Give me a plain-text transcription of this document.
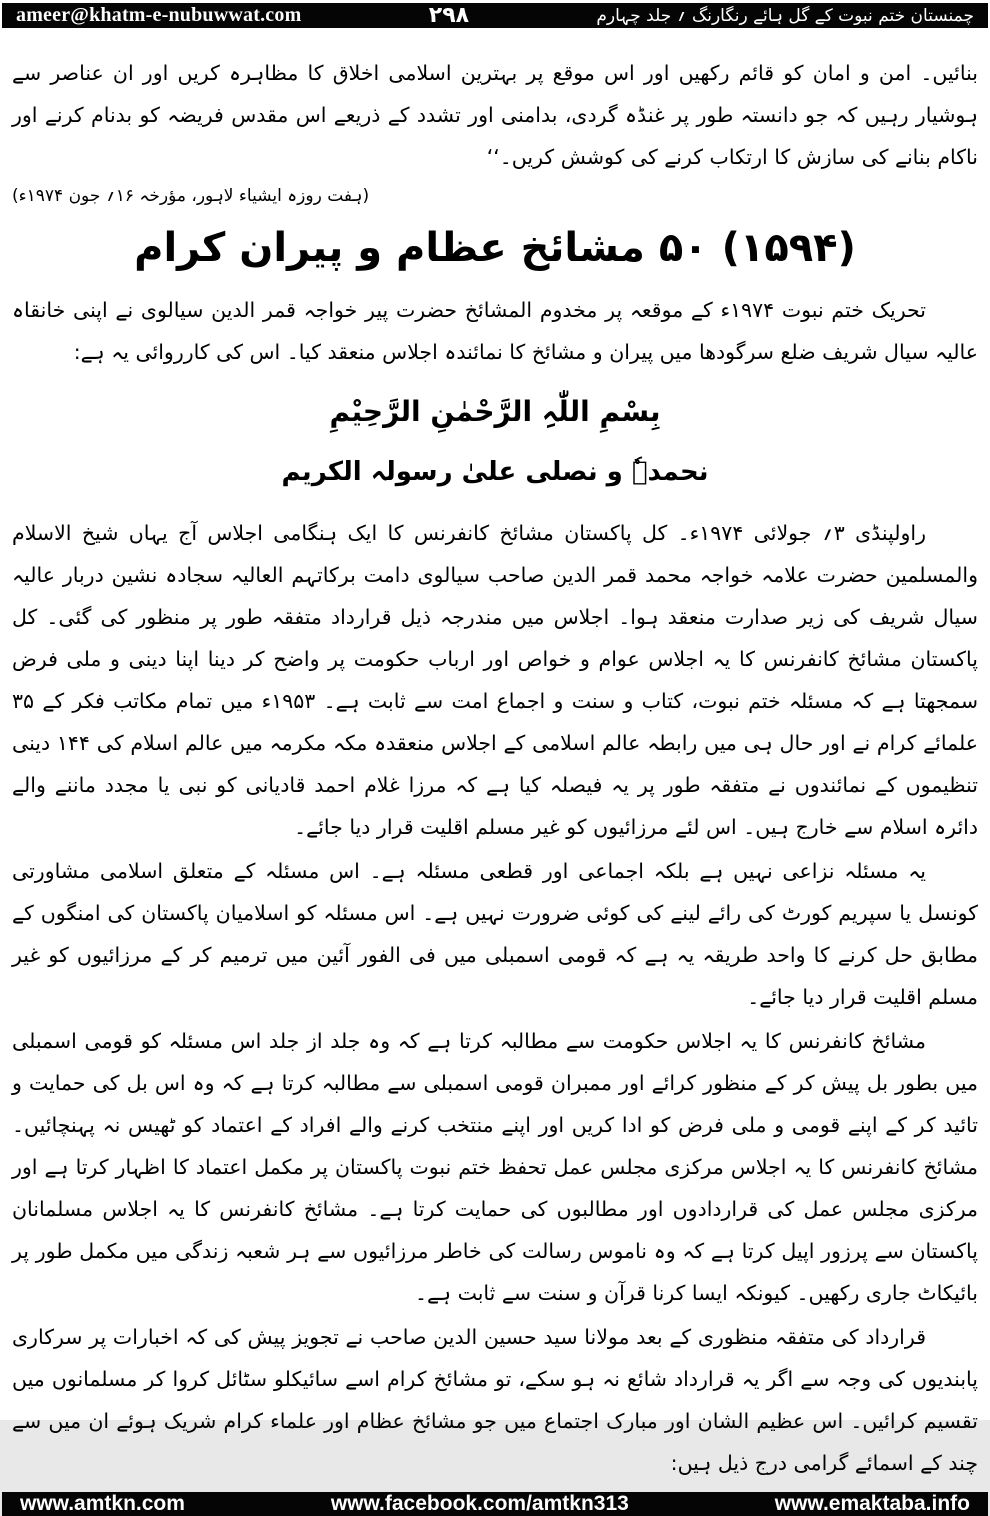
ameer@khatm-e-nubuwwat.com	۲۹۸	چمنستان ختم نبوت کے گل ہائے رنگارنگ ؍ جلد چہارم

بنائیں۔ امن و امان کو قائم رکھیں اور اس موقع پر بہترین اسلامی اخلاق کا مظاہرہ کریں اور ان عناصر سے ہوشیار رہیں کہ جو دانستہ طور پر غنڈہ گردی، بدامنی اور تشدد کے ذریعے اس مقدس فریضہ کو بدنام کرنے اور ناکام بنانے کی سازش کا ارتکاب کرنے کی کوشش کریں۔‘‘

(ہفت روزہ ایشیاء لاہور، مؤرخہ ۱۶؍ جون ۱۹۷۴ء)

(۱۵۹۴) ۵۰ مشائخ عظام و پیران کرام

تحریک ختم نبوت ۱۹۷۴ء کے موقعہ پر مخدوم المشائخ حضرت پیر خواجہ قمر الدین سیالوی نے اپنی خانقاہ عالیہ سیال شریف ضلع سرگودھا میں پیران و مشائخ کا نمائندہ اجلاس منعقد کیا۔ اس کی کارروائی یہ ہے:

بِسْمِ اللّٰہِ الرَّحْمٰنِ الرَّحِیْمِ
نحمدہٗ و نصلی علیٰ رسولہ الکریم

راولپنڈی ۳؍ جولائی ۱۹۷۴ء۔ کل پاکستان مشائخ کانفرنس کا ایک ہنگامی اجلاس آج یہاں شیخ الاسلام والمسلمین حضرت علامہ خواجہ محمد قمر الدین صاحب سیالوی دامت برکاتہم العالیہ سجادہ نشین دربار عالیہ سیال شریف کی زیر صدارت منعقد ہوا۔ اجلاس میں مندرجہ ذیل قرارداد متفقہ طور پر منظور کی گئی۔ کل پاکستان مشائخ کانفرنس کا یہ اجلاس عوام و خواص اور ارباب حکومت پر واضح کر دینا اپنا دینی و ملی فرض سمجھتا ہے کہ مسئلہ ختم نبوت، کتاب و سنت و اجماع امت سے ثابت ہے۔ ۱۹۵۳ء میں تمام مکاتب فکر کے ۳۵ علمائے کرام نے اور حال ہی میں رابطہ عالم اسلامی کے اجلاس منعقدہ مکہ مکرمہ میں عالم اسلام کی ۱۴۴ دینی تنظیموں کے نمائندوں نے متفقہ طور پر یہ فیصلہ کیا ہے کہ مرزا غلام احمد قادیانی کو نبی یا مجدد ماننے والے دائرہ اسلام سے خارج ہیں۔ اس لئے مرزائیوں کو غیر مسلم اقلیت قرار دیا جائے۔

یہ مسئلہ نزاعی نہیں ہے بلکہ اجماعی اور قطعی مسئلہ ہے۔ اس مسئلہ کے متعلق اسلامی مشاورتی کونسل یا سپریم کورٹ کی رائے لینے کی کوئی ضرورت نہیں ہے۔ اس مسئلہ کو اسلامیان پاکستان کی امنگوں کے مطابق حل کرنے کا واحد طریقہ یہ ہے کہ قومی اسمبلی میں فی الفور آئین میں ترمیم کر کے مرزائیوں کو غیر مسلم اقلیت قرار دیا جائے۔

مشائخ کانفرنس کا یہ اجلاس حکومت سے مطالبہ کرتا ہے کہ وہ جلد از جلد اس مسئلہ کو قومی اسمبلی میں بطور بل پیش کر کے منظور کرائے اور ممبران قومی اسمبلی سے مطالبہ کرتا ہے کہ وہ اس بل کی حمایت و تائید کر کے اپنے قومی و ملی فرض کو ادا کریں اور اپنے منتخب کرنے والے افراد کے اعتماد کو ٹھیس نہ پہنچائیں۔ مشائخ کانفرنس کا یہ اجلاس مرکزی مجلس عمل تحفظ ختم نبوت پاکستان پر مکمل اعتماد کا اظہار کرتا ہے اور مرکزی مجلس عمل کی قراردادوں اور مطالبوں کی حمایت کرتا ہے۔ مشائخ کانفرنس کا یہ اجلاس مسلمانان پاکستان سے پرزور اپیل کرتا ہے کہ وہ ناموس رسالت کی خاطر مرزائیوں سے ہر شعبہ زندگی میں مکمل طور پر بائیکاٹ جاری رکھیں۔ کیونکہ ایسا کرنا قرآن و سنت سے ثابت ہے۔

قرارداد کی متفقہ منظوری کے بعد مولانا سید حسین الدین صاحب نے تجویز پیش کی کہ اخبارات پر سرکاری پابندیوں کی وجہ سے اگر یہ قرارداد شائع نہ ہو سکے، تو مشائخ کرام اسے سائیکلو سٹائل کروا کر مسلمانوں میں تقسیم کرائیں۔ اس عظیم الشان اور مبارک اجتماع میں جو مشائخ عظام اور علماء کرام شریک ہوئے ان میں سے چند کے اسمائے گرامی درج ذیل ہیں:

www.amtkn.com	www.facebook.com/amtkn313	www.emaktaba.info
